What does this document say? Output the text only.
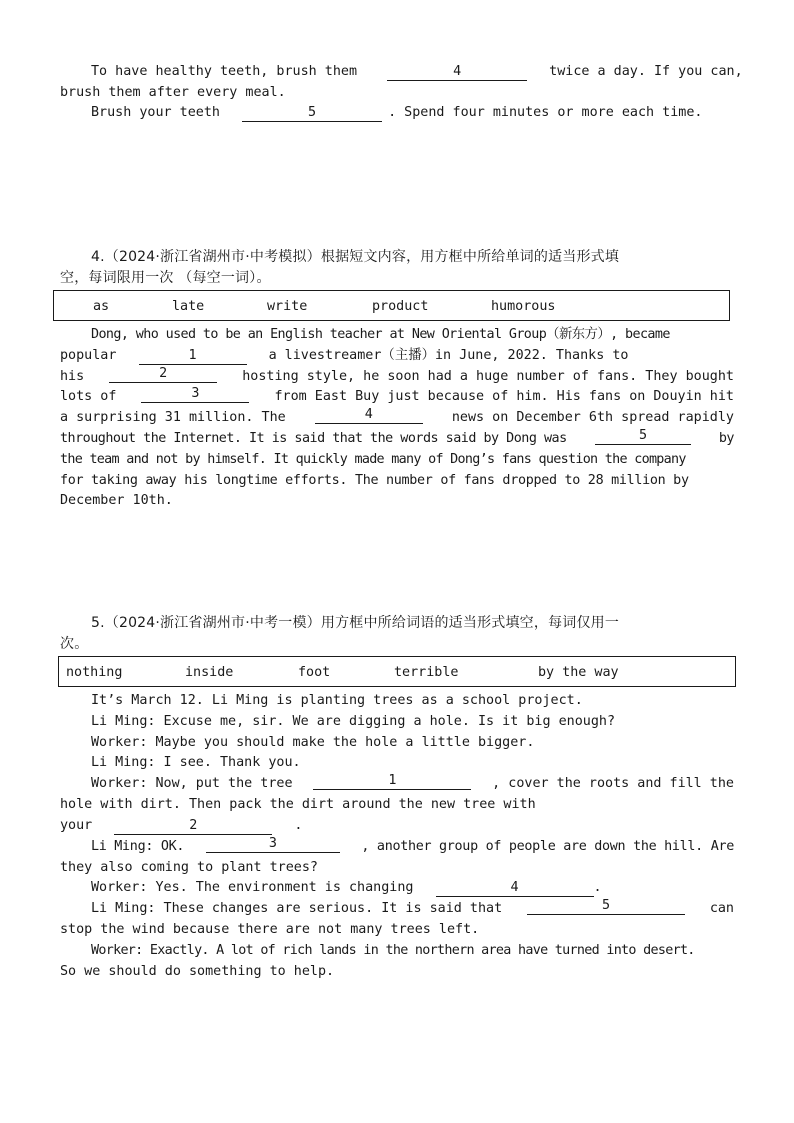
To have healthy teeth, brush them	4	twice a day. If you can,
brush them after every meal.
Brush your teeth	5	. Spend four minutes or more each time.
4.（2024·浙江省湖州市·中考模拟）根据短文内容，用方框中所给单词的适当形式填
空，每词限用一次 （每空一词）。
as	late	write	product	humorous
Dong, who used to be an English teacher at New Oriental Group（新东方）, became
popular	1	a livestreamer（主播）in June, 2022. Thanks to
his	2	hosting style, he soon had a huge number of fans. They bought
lots of	3	from East Buy just because of him. His fans on Douyin hit
a surprising 31 million. The	4	news on December 6th spread rapidly
throughout the Internet. It is said that the words said by Dong was	5	by
the team and not by himself. It quickly made many of Dong’s fans question the company
for taking away his longtime efforts. The number of fans dropped to 28 million by
December 10th.
5.（2024·浙江省湖州市·中考一模）用方框中所给词语的适当形式填空，每词仅用一
次。
nothing	inside	foot	terrible	by the way
It’s March 12. Li Ming is planting trees as a school project.
Li Ming: Excuse me, sir. We are digging a hole. Is it big enough?
Worker: Maybe you should make the hole a little bigger.
Li Ming: I see. Thank you.
Worker: Now, put the tree	1	, cover the roots and fill the
hole with dirt. Then pack the dirt around the new tree with
your	2	.
Li Ming: OK.	3	, another group of people are down the hill. Are
they also coming to plant trees?
Worker: Yes. The environment is changing	4	.
Li Ming: These changes are serious. It is said that	5	can
stop the wind because there are not many trees left.
Worker: Exactly. A lot of rich lands in the northern area have turned into desert.
So we should do something to help.
